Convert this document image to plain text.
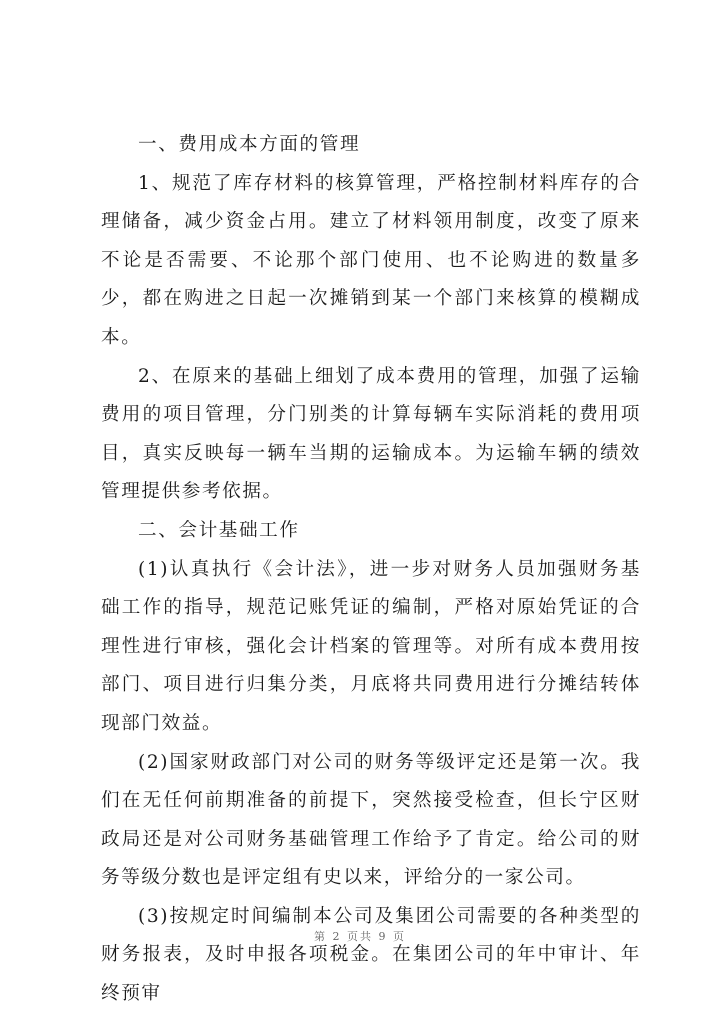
一、费用成本方面的管理

1、规范了库存材料的核算管理，严格控制材料库存的合理储备，减少资金占用。建立了材料领用制度，改变了原来不论是否需要、不论那个部门使用、也不论购进的数量多少，都在购进之日起一次摊销到某一个部门来核算的模糊成本。

2、在原来的基础上细划了成本费用的管理，加强了运输费用的项目管理，分门别类的计算每辆车实际消耗的费用项目，真实反映每一辆车当期的运输成本。为运输车辆的绩效管理提供参考依据。

二、会计基础工作

(1)认真执行《会计法》，进一步对财务人员加强财务基础工作的指导，规范记账凭证的编制，严格对原始凭证的合理性进行审核，强化会计档案的管理等。对所有成本费用按部门、项目进行归集分类，月底将共同费用进行分摊结转体现部门效益。

(2)国家财政部门对公司的财务等级评定还是第一次。我们在无任何前期准备的前提下，突然接受检查，但长宁区财政局还是对公司财务基础管理工作给予了肯定。给公司的财务等级分数也是评定组有史以来，评给分的一家公司。

(3)按规定时间编制本公司及集团公司需要的各种类型的财务报表，及时申报各项税金。在集团公司的年中审计、年终预审

第 2 页共 9 页
